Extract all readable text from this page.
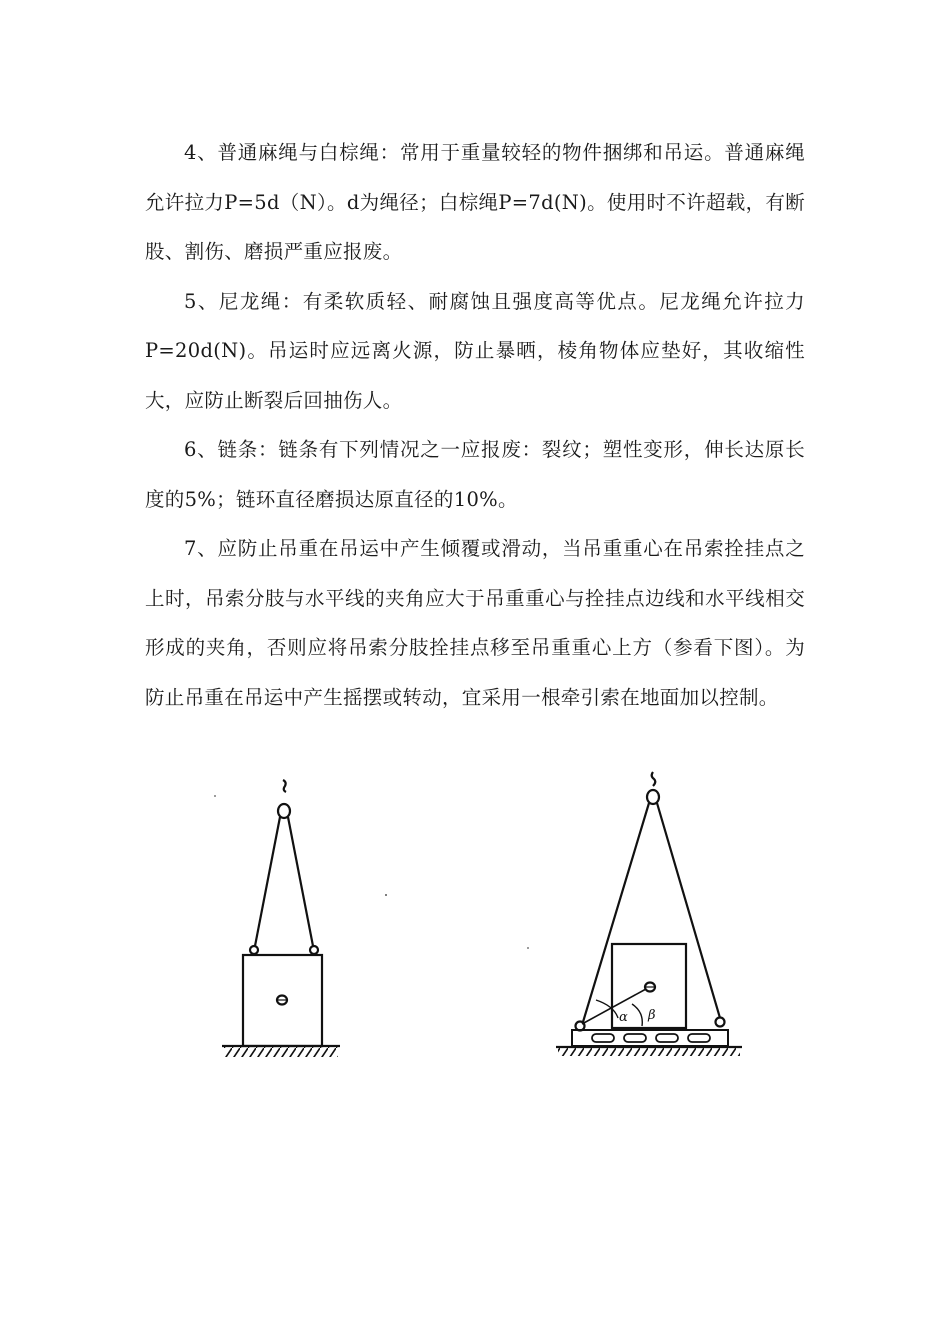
4、普通麻绳与白棕绳：常用于重量较轻的物件捆绑和吊运。普通麻绳允许拉力P=5d（N）。d为绳径；白棕绳P=7d(N)。使用时不许超载，有断股、割伤、磨损严重应报废。

5、尼龙绳：有柔软质轻、耐腐蚀且强度高等优点。尼龙绳允许拉力P=20d(N)。吊运时应远离火源，防止暴晒，棱角物体应垫好，其收缩性大，应防止断裂后回抽伤人。

6、链条：链条有下列情况之一应报废：裂纹；塑性变形，伸长达原长度的5%；链环直径磨损达原直径的10%。

7、应防止吊重在吊运中产生倾覆或滑动，当吊重重心在吊索拴挂点之上时，吊索分肢与水平线的夹角应大于吊重重心与拴挂点边线和水平线相交形成的夹角，否则应将吊索分肢拴挂点移至吊重重心上方（参看下图）。为防止吊重在吊运中产生摇摆或转动，宜采用一根牵引索在地面加以控制。

α β
